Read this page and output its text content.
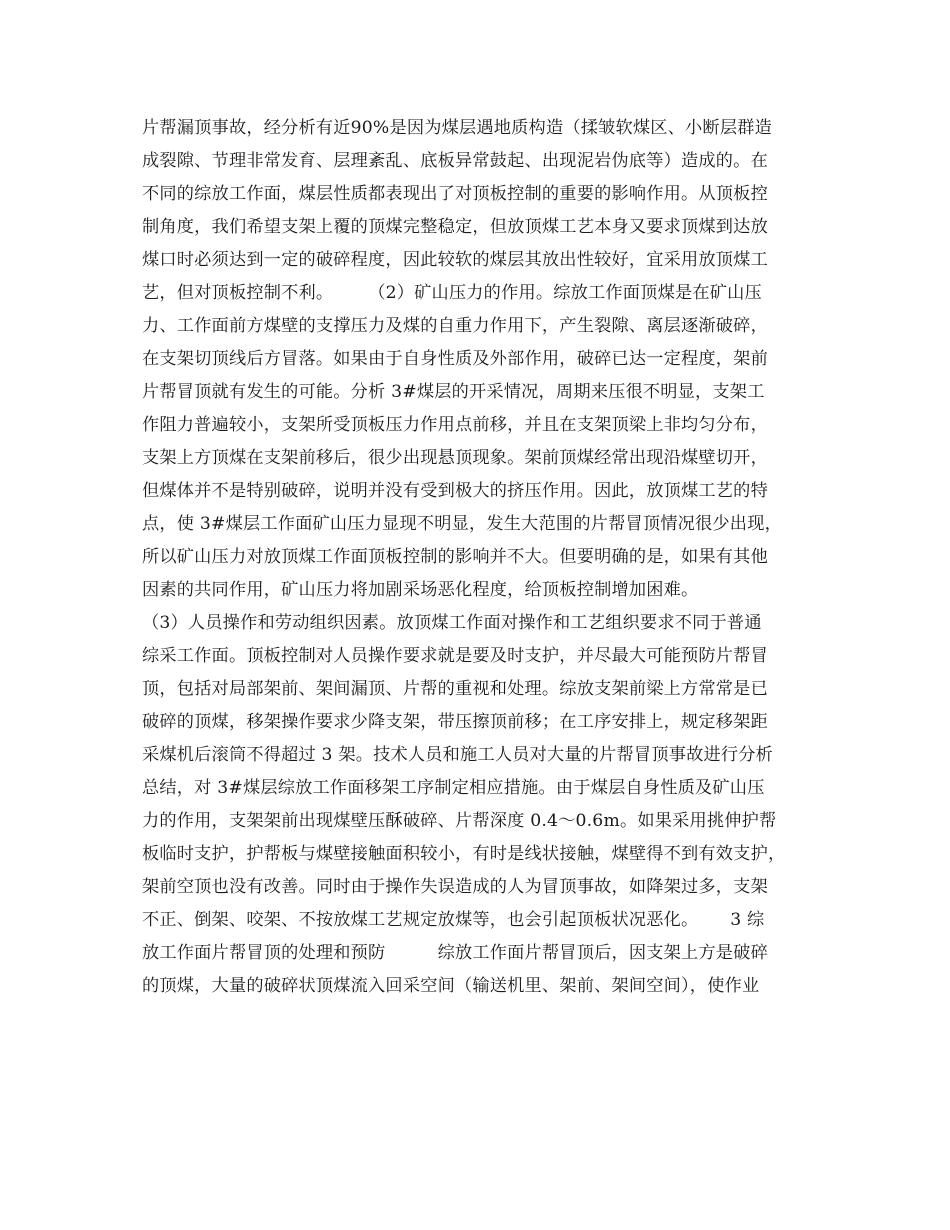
片帮漏顶事故，经分析有近90%是因为煤层遇地质构造（揉皱软煤区、小断层群造
成裂隙、节理非常发育、层理紊乱、底板异常鼓起、出现泥岩伪底等）造成的。在
不同的综放工作面，煤层性质都表现出了对顶板控制的重要的影响作用。从顶板控
制角度，我们希望支架上覆的顶煤完整稳定，但放顶煤工艺本身又要求顶煤到达放
煤口时必须达到一定的破碎程度，因此较软的煤层其放出性较好，宜采用放顶煤工
艺，但对顶板控制不利。　　　（2）矿山压力的作用。综放工作面顶煤是在矿山压
力、工作面前方煤壁的支撑压力及煤的自重力作用下，产生裂隙、离层逐渐破碎，
在支架切顶线后方冒落。如果由于自身性质及外部作用，破碎已达一定程度，架前
片帮冒顶就有发生的可能。分析 3#煤层的开采情况，周期来压很不明显，支架工
作阻力普遍较小，支架所受顶板压力作用点前移，并且在支架顶梁上非均匀分布，
支架上方顶煤在支架前移后，很少出现悬顶现象。架前顶煤经常出现沿煤壁切开，
但煤体并不是特别破碎，说明并没有受到极大的挤压作用。因此，放顶煤工艺的特
点，使 3#煤层工作面矿山压力显现不明显，发生大范围的片帮冒顶情况很少出现，
所以矿山压力对放顶煤工作面顶板控制的影响并不大。但要明确的是，如果有其他
因素的共同作用，矿山压力将加剧采场恶化程度，给顶板控制增加困难。
（3）人员操作和劳动组织因素。放顶煤工作面对操作和工艺组织要求不同于普通
综采工作面。顶板控制对人员操作要求就是要及时支护，并尽最大可能预防片帮冒
顶，包括对局部架前、架间漏顶、片帮的重视和处理。综放支架前梁上方常常是已
破碎的顶煤，移架操作要求少降支架，带压擦顶前移；在工序安排上，规定移架距
采煤机后滚筒不得超过 3 架。技术人员和施工人员对大量的片帮冒顶事故进行分析
总结，对 3#煤层综放工作面移架工序制定相应措施。由于煤层自身性质及矿山压
力的作用，支架架前出现煤壁压酥破碎、片帮深度 0.4～0.6m。如果采用挑伸护帮
板临时支护，护帮板与煤壁接触面积较小，有时是线状接触，煤壁得不到有效支护，
架前空顶也没有改善。同时由于操作失误造成的人为冒顶事故，如降架过多，支架
不正、倒架、咬架、不按放煤工艺规定放煤等，也会引起顶板状况恶化。　　 3 综
放工作面片帮冒顶的处理和预防　　　综放工作面片帮冒顶后，因支架上方是破碎
的顶煤，大量的破碎状顶煤流入回采空间（输送机里、架前、架间空间），使作业
